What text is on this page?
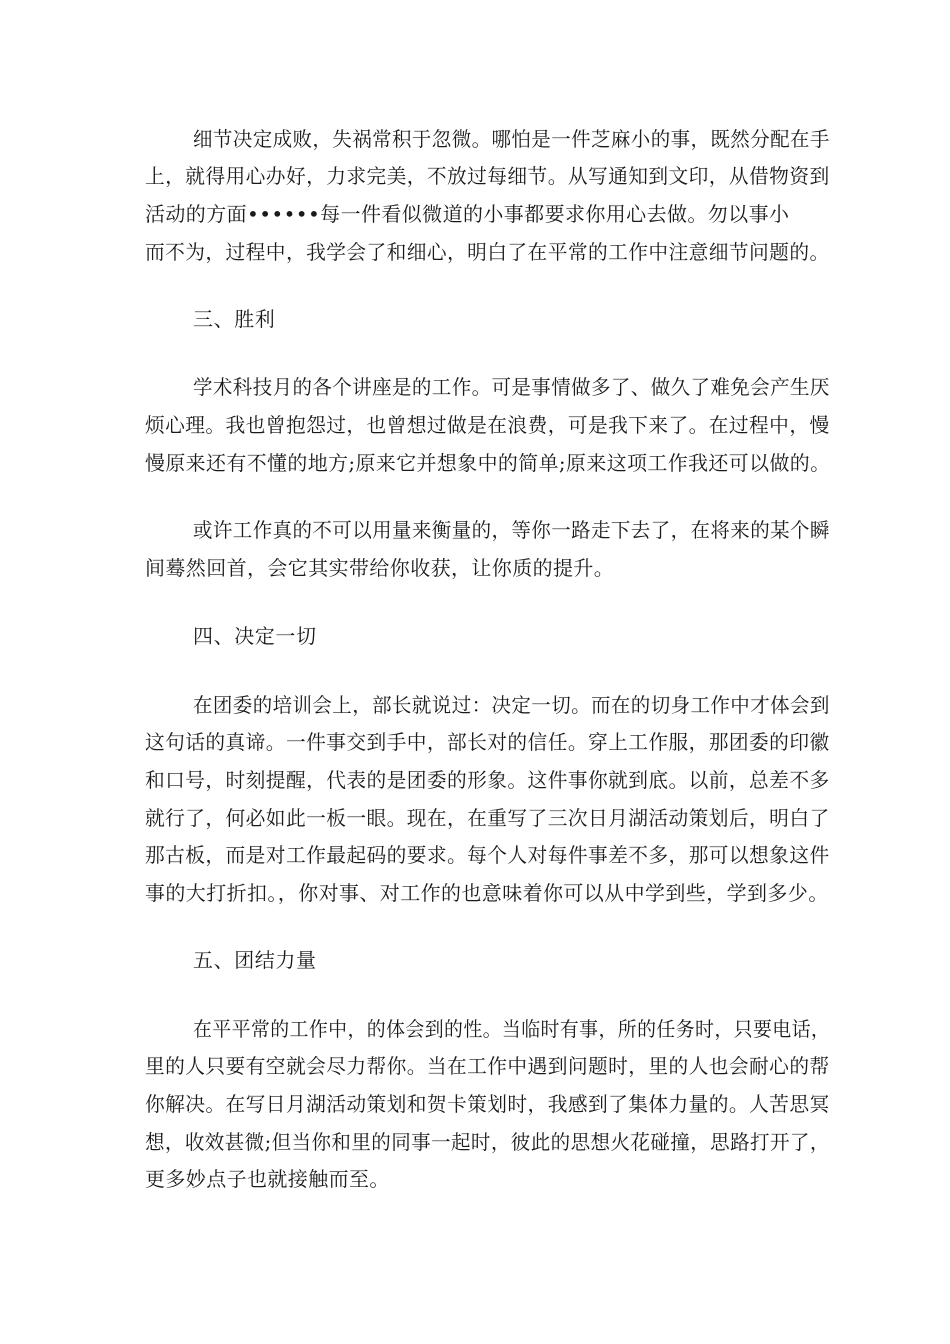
细节决定成败，失祸常积于忽微。哪怕是一件芝麻小的事，既然分配在手
上，就得用心办好，力求完美，不放过每细节。从写通知到文印，从借物资到
活动的方面••••••每一件看似微道的小事都要求你用心去做。勿以事小
而不为，过程中，我学会了和细心，明白了在平常的工作中注意细节问题的。
三、胜利
学术科技月的各个讲座是的工作。可是事情做多了、做久了难免会产生厌
烦心理。我也曾抱怨过，也曾想过做是在浪费，可是我下来了。在过程中，慢
慢原来还有不懂的地方;原来它并想象中的简单;原来这项工作我还可以做的。
或许工作真的不可以用量来衡量的，等你一路走下去了，在将来的某个瞬
间蓦然回首，会它其实带给你收获，让你质的提升。
四、决定一切
在团委的培训会上，部长就说过：决定一切。而在的切身工作中才体会到
这句话的真谛。一件事交到手中，部长对的信任。穿上工作服，那团委的印徽
和口号，时刻提醒，代表的是团委的形象。这件事你就到底。以前，总差不多
就行了，何必如此一板一眼。现在，在重写了三次日月湖活动策划后，明白了
那古板，而是对工作最起码的要求。每个人对每件事差不多，那可以想象这件
事的大打折扣。，你对事、对工作的也意味着你可以从中学到些，学到多少。
五、团结力量
在平平常的工作中，的体会到的性。当临时有事，所的任务时，只要电话，
里的人只要有空就会尽力帮你。当在工作中遇到问题时，里的人也会耐心的帮
你解决。在写日月湖活动策划和贺卡策划时，我感到了集体力量的。人苦思冥
想，收效甚微;但当你和里的同事一起时，彼此的思想火花碰撞，思路打开了，
更多妙点子也就接触而至。
